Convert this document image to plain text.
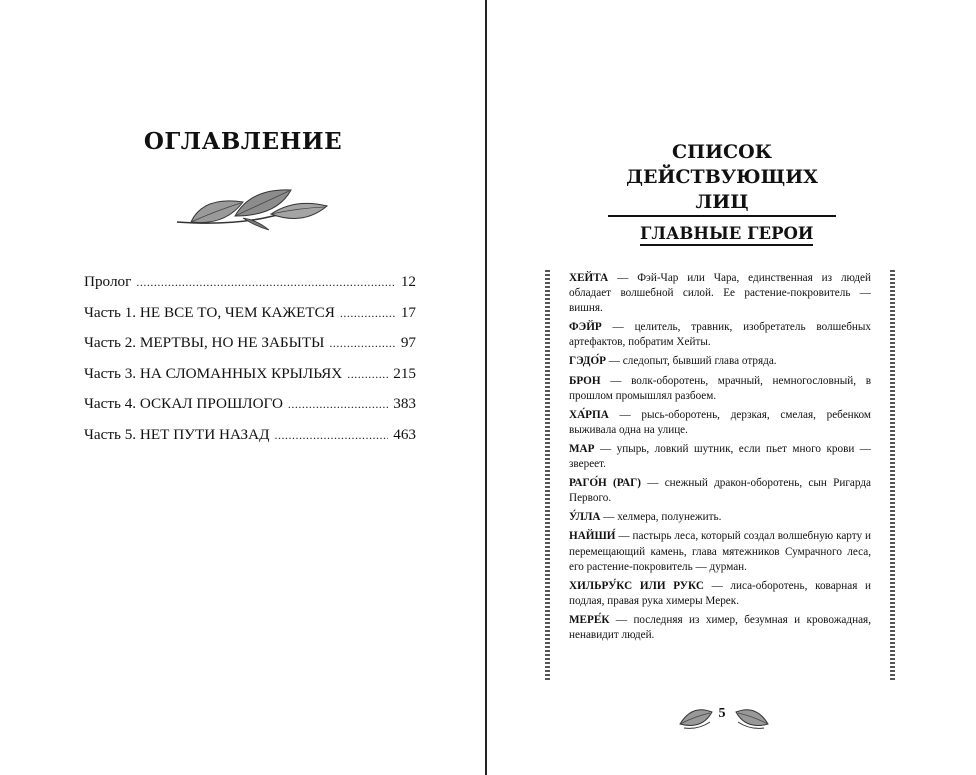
ОГЛАВЛЕНИЕ
Пролог .....	12
Часть 1. НЕ ВСЕ ТО, ЧЕМ КАЖЕТСЯ .....	17
Часть 2. МЕРТВЫ, НО НЕ ЗАБЫТЫ .....	97
Часть 3. НА СЛОМАННЫХ КРЫЛЬЯХ .....	215
Часть 4. ОСКАЛ ПРОШЛОГО .....	383
Часть 5. НЕТ ПУТИ НАЗАД .....	463
СПИСОК
ДЕЙСТВУЮЩИХ ЛИЦ
ГЛАВНЫЕ ГЕРОИ
ХЕЙТА — Фэй-Чар или Чара, единственная из людей обладает волшебной силой. Ее растение-покровитель — вишня.
ФЭЙР — целитель, травник, изобретатель волшебных артефактов, побратим Хейты.
ГЭДО́Р — следопыт, бывший глава отряда.
БРОН — волк-оборотень, мрачный, немногословный, в прошлом промышлял разбоем.
ХА́РПА — рысь-оборотень, дерзкая, смелая, ребенком выживала одна на улице.
МАР — упырь, ловкий шутник, если пьет много крови — звереет.
РАГО́Н (РАГ) — снежный дракон-оборотень, сын Ригарда Первого.
У́ЛЛА — хелмера, полунежить.
НАЙШИ́ — пастырь леса, который создал волшебную карту и перемещающий камень, глава мятежников Сумрачного леса, его растение-покровитель — дурман.
ХИЛЬРУ́КС ИЛИ РУКС — лиса-оборотень, коварная и подлая, правая рука химеры Мерек.
МЕРЕ́К — последняя из химер, безумная и кровожадная, ненавидит людей.
5
